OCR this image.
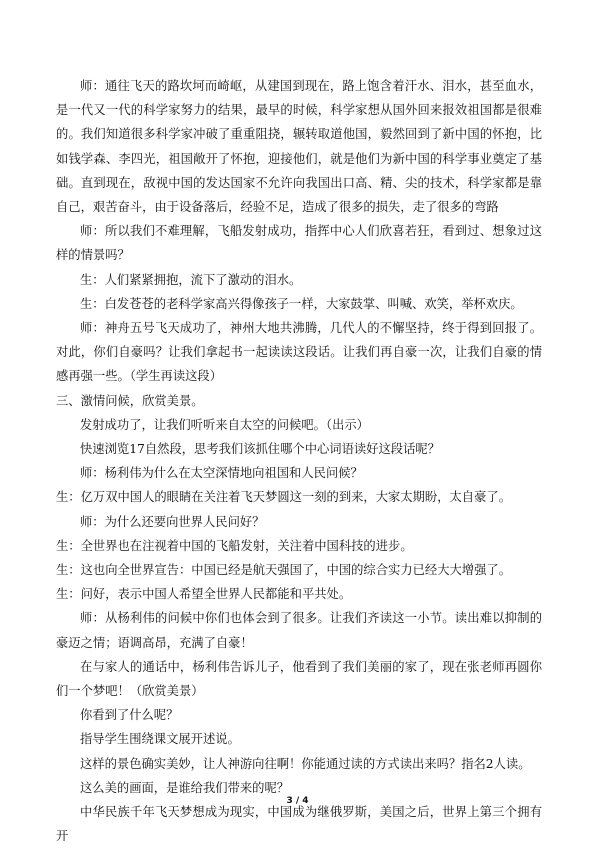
师：通往飞天的路坎坷而崎岖，从建国到现在，路上饱含着汗水、泪水，甚至血水，是一代又一代的科学家努力的结果，最早的时候，科学家想从国外回来报效祖国都是很难的。我们知道很多科学家冲破了重重阻挠，辗转取道他国，毅然回到了新中国的怀抱，比如钱学森、李四光，祖国敞开了怀抱，迎接他们，就是他们为新中国的科学事业奠定了基础。直到现在，敌视中国的发达国家不允许向我国出口高、精、尖的技术，科学家都是靠自己，艰苦奋斗，由于设备落后，经验不足，造成了很多的损失，走了很多的弯路

师：所以我们不难理解，飞船发射成功，指挥中心人们欣喜若狂，看到过、想象过这样的情景吗？

生：人们紧紧拥抱，流下了激动的泪水。

生：白发苍苍的老科学家高兴得像孩子一样，大家鼓掌、叫喊、欢笑，举杯欢庆。

师：神舟五号飞天成功了，神州大地共沸腾，几代人的不懈坚持，终于得到回报了。对此，你们自豪吗？让我们拿起书一起读读这段话。让我们再自豪一次，让我们自豪的情感再强一些。（学生再读这段）

三、激情问候，欣赏美景。

发射成功了，让我们听听来自太空的问候吧。（出示）

快速浏览17自然段，思考我们该抓住哪个中心词语读好这段话呢？

师：杨利伟为什么在太空深情地向祖国和人民问候？

生：亿万双中国人的眼睛在关注着飞天梦圆这一刻的到来，大家太期盼，太自豪了。

师：为什么还要向世界人民问好？

生：全世界也在注视着中国的飞船发射，关注着中国科技的进步。

生：这也向全世界宣告：中国已经是航天强国了，中国的综合实力已经大大增强了。

生：问好，表示中国人希望全世界人民都能和平共处。

师：从杨利伟的问候中你们也体会到了很多。让我们齐读这一小节。读出难以抑制的豪迈之情；语调高昂，充满了自豪！

在与家人的通话中，杨利伟告诉儿子，他看到了我们美丽的家了，现在张老师再圆你们一个梦吧！（欣赏美景）

你看到了什么呢？

指导学生围绕课文展开述说。

这样的景色确实美妙，让人神游向往啊！你能通过读的方式读出来吗？指名2人读。

这么美的画面，是谁给我们带来的呢？

中华民族千年飞天梦想成为现实，中国成为继俄罗斯，美国之后，世界上第三个拥有开

3 / 4
